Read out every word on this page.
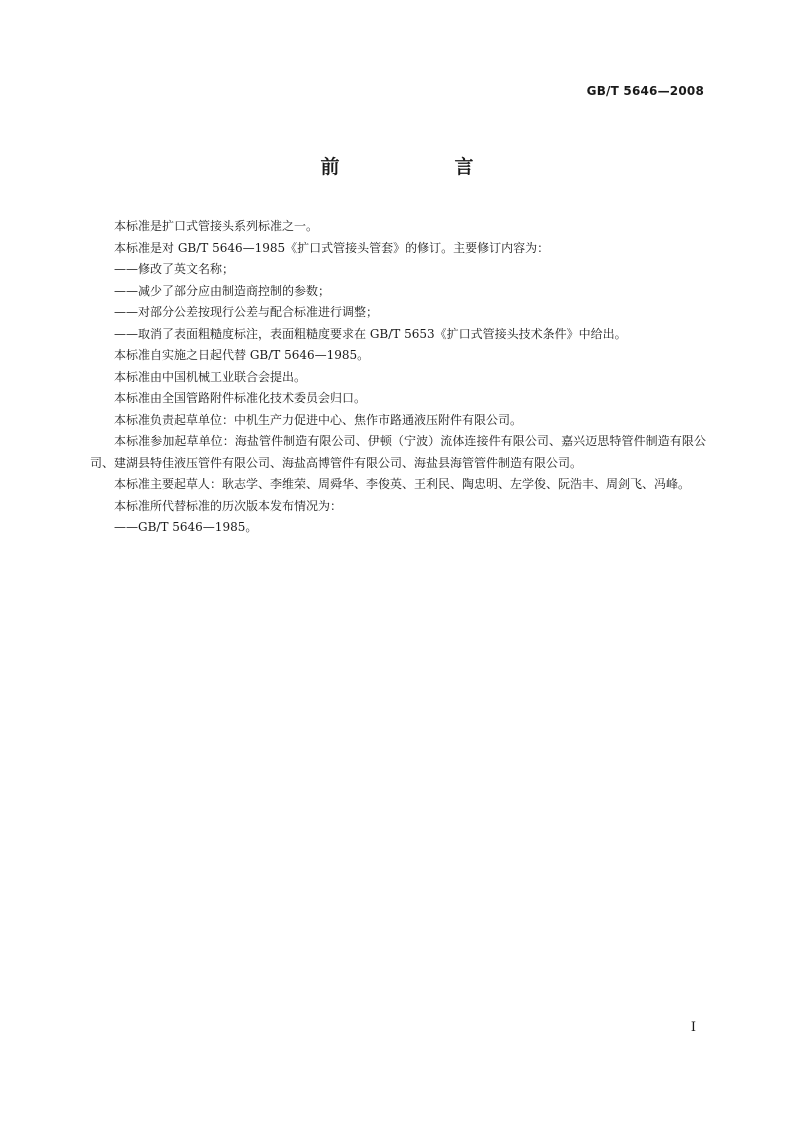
GB/T 5646—2008
前　言

本标准是扩口式管接头系列标准之一。

本标准是对 GB/T 5646—1985《扩口式管接头管套》的修订。主要修订内容为：

——修改了英文名称；

——减少了部分应由制造商控制的参数；

——对部分公差按现行公差与配合标准进行调整；

——取消了表面粗糙度标注，表面粗糙度要求在 GB/T 5653《扩口式管接头技术条件》中给出。

本标准自实施之日起代替 GB/T 5646—1985。

本标准由中国机械工业联合会提出。

本标准由全国管路附件标准化技术委员会归口。

本标准负责起草单位：中机生产力促进中心、焦作市路通液压附件有限公司。

本标准参加起草单位：海盐管件制造有限公司、伊顿（宁波）流体连接件有限公司、嘉兴迈思特管件制造有限公司、建湖县特佳液压管件有限公司、海盐高博管件有限公司、海盐县海管管件制造有限公司。

本标准主要起草人：耿志学、李维荣、周舜华、李俊英、王利民、陶忠明、左学俊、阮浩丰、周剑飞、冯峰。

本标准所代替标准的历次版本发布情况为：

——GB/T 5646—1985。

I
